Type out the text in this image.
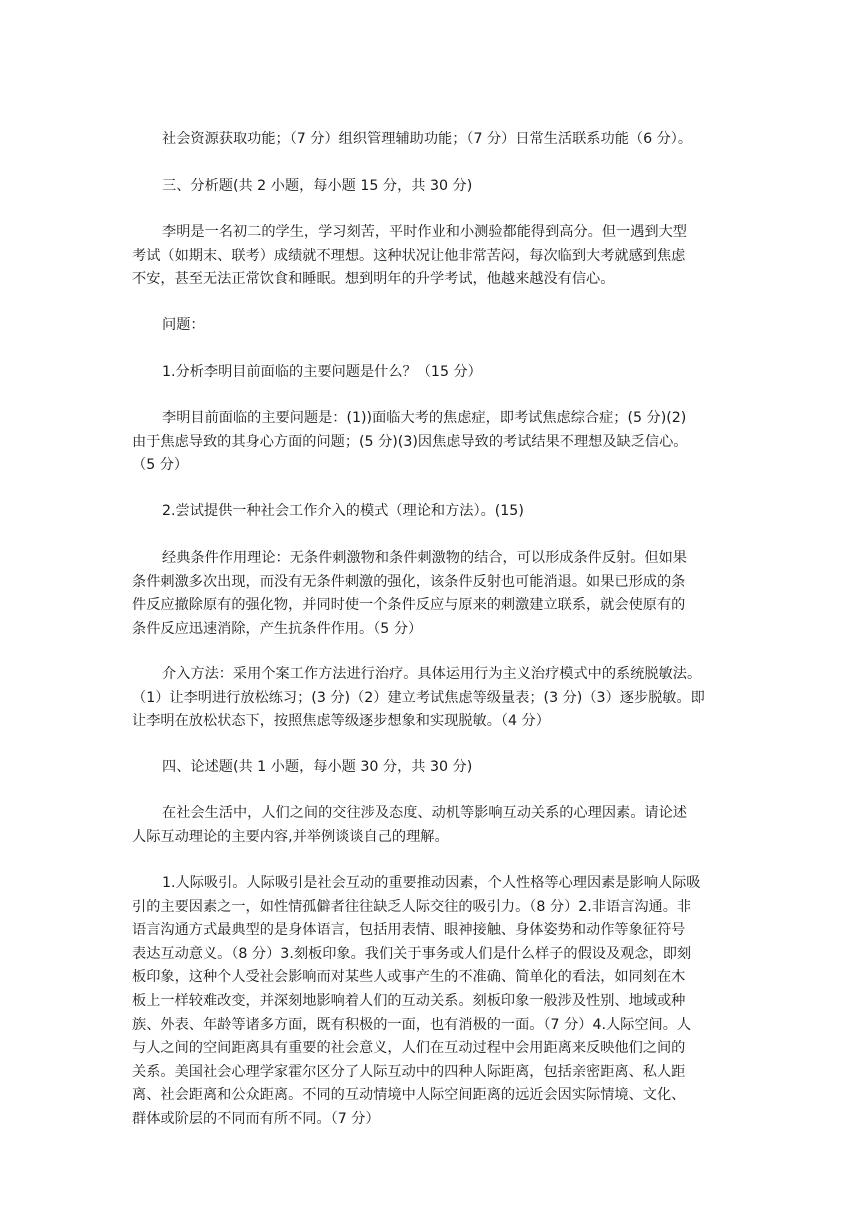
社会资源获取功能；（7 分）组织管理辅助功能；（7 分）日常生活联系功能（6 分）。

三、分析题(共 2 小题，每小题 15 分，共 30 分)

李明是一名初二的学生，学习刻苦，平时作业和小测验都能得到高分。但一遇到大型
考试（如期末、联考）成绩就不理想。这种状况让他非常苦闷，每次临到大考就感到焦虑
不安，甚至无法正常饮食和睡眠。想到明年的升学考试，他越来越没有信心。

问题：

1.分析李明目前面临的主要问题是什么？（15 分）

李明目前面临的主要问题是：(1))面临大考的焦虑症，即考试焦虑综合症；(5 分)(2)
由于焦虑导致的其身心方面的问题；(5 分)(3)因焦虑导致的考试结果不理想及缺乏信心。
（5 分）

2.尝试提供一种社会工作介入的模式（理论和方法）。(15)

经典条件作用理论：无条件刺激物和条件刺激物的结合，可以形成条件反射。但如果
条件刺激多次出现，而没有无条件刺激的强化，该条件反射也可能消退。如果已形成的条
件反应撤除原有的强化物，并同时使一个条件反应与原来的刺激建立联系，就会使原有的
条件反应迅速消除，产生抗条件作用。（5 分）

介入方法：采用个案工作方法进行治疗。具体运用行为主义治疗模式中的系统脱敏法。
（1）让李明进行放松练习；(3 分)（2）建立考试焦虑等级量表；(3 分)（3）逐步脱敏。即
让李明在放松状态下，按照焦虑等级逐步想象和实现脱敏。（4 分）

四、论述题(共 1 小题，每小题 30 分，共 30 分)

在社会生活中，人们之间的交往涉及态度、动机等影响互动关系的心理因素。请论述
人际互动理论的主要内容,并举例谈谈自己的理解。

1.人际吸引。人际吸引是社会互动的重要推动因素，个人性格等心理因素是影响人际吸
引的主要因素之一，如性情孤僻者往往缺乏人际交往的吸引力。（8 分）2.非语言沟通。非
语言沟通方式最典型的是身体语言，包括用表情、眼神接触、身体姿势和动作等象征符号
表达互动意义。（8 分）3.刻板印象。我们关于事务或人们是什么样子的假设及观念，即刻
板印象，这种个人受社会影响而对某些人或事产生的不准确、简单化的看法，如同刻在木
板上一样较难改变，并深刻地影响着人们的互动关系。刻板印象一般涉及性别、地域或种
族、外表、年龄等诸多方面，既有积极的一面，也有消极的一面。（7 分）4.人际空间。人
与人之间的空间距离具有重要的社会意义，人们在互动过程中会用距离来反映他们之间的
关系。美国社会心理学家霍尔区分了人际互动中的四种人际距离，包括亲密距离、私人距
离、社会距离和公众距离。不同的互动情境中人际空间距离的远近会因实际情境、文化、
群体或阶层的不同而有所不同。（7 分）
